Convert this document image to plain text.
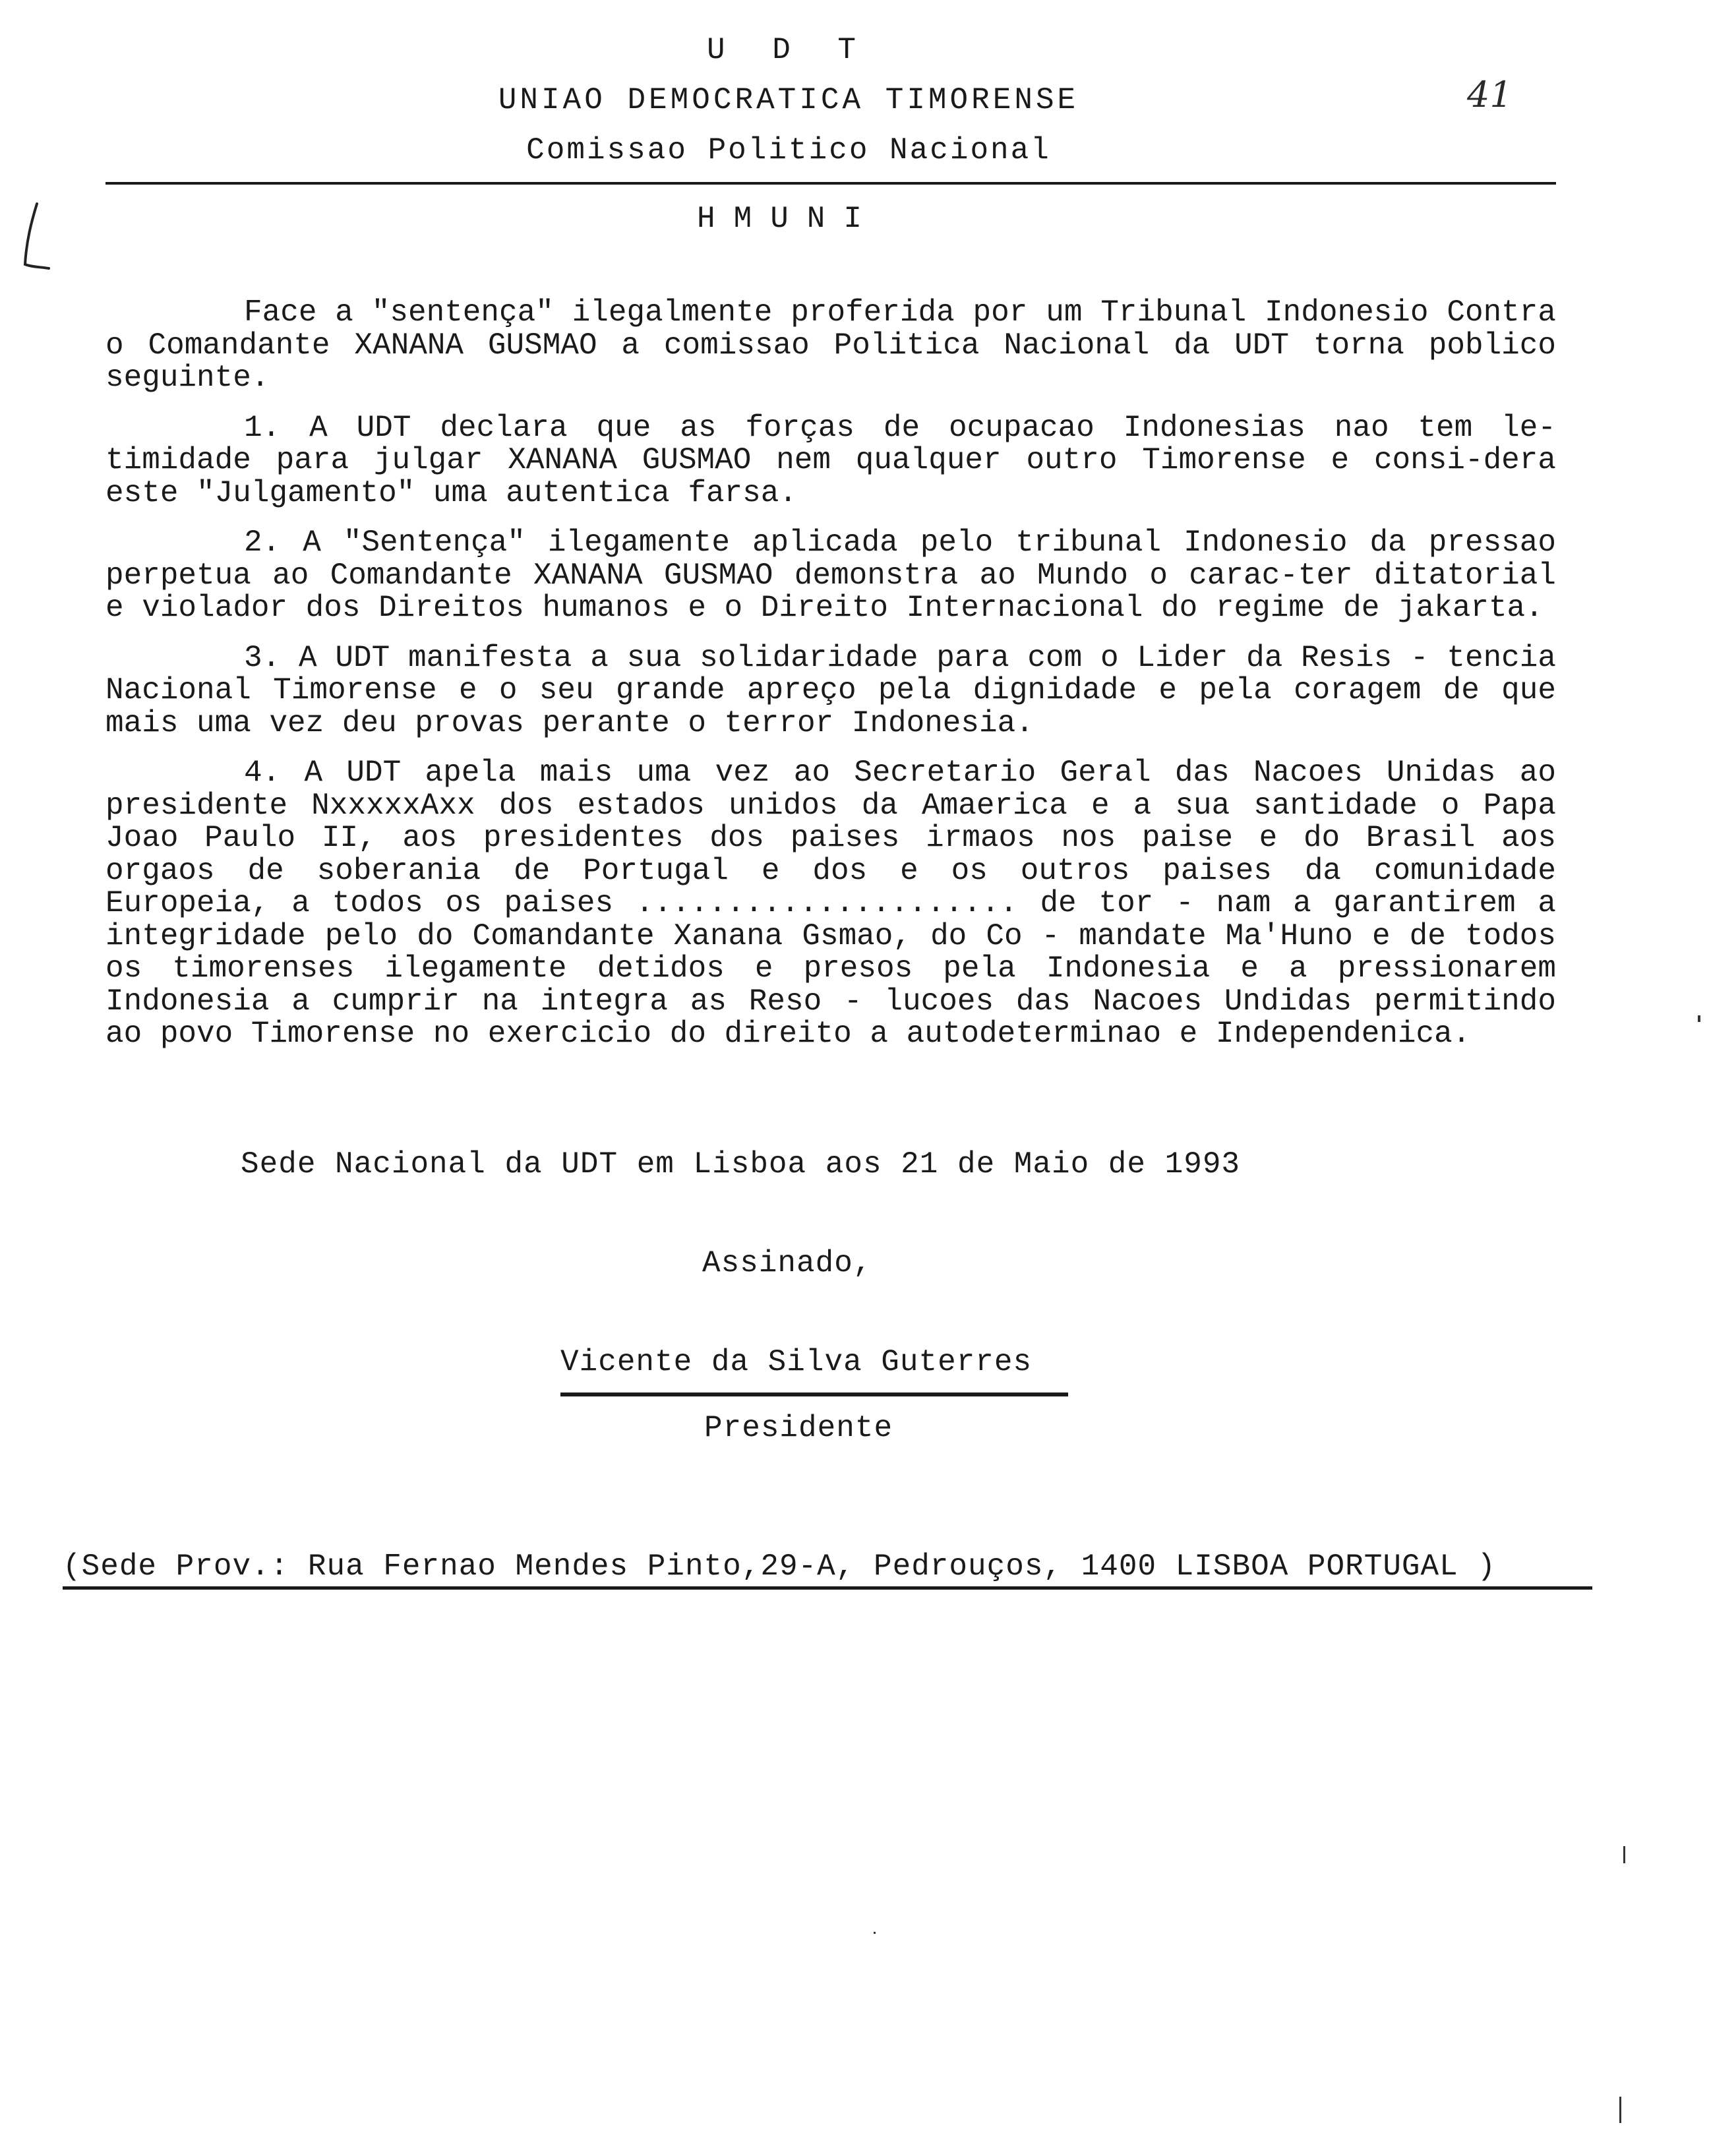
U D T
UNIAO DEMOCRATICA TIMORENSE
Comissao Politico Nacional
41
HMUNI

Face a "sentença" ilegalmente proferida por um Tribunal Indonesio Contra o Comandante XANANA GUSMAO a comissao Politica Nacional da UDT torna poblico seguinte.

1. A UDT declara que as forças de ocupacao Indonesias nao tem le-timidade para julgar XANANA GUSMAO nem qualquer outro Timorense e consi-dera este "Julgamento" uma autentica farsa.

2. A "Sentença" ilegamente aplicada pelo tribunal Indonesio da pressao perpetua ao Comandante XANANA GUSMAO demonstra ao Mundo o carac-ter ditatorial e violador dos Direitos humanos e o Direito Internacional do regime de jakarta.

3. A UDT manifesta a sua solidaridade para com o Lider da Resis - tencia Nacional Timorense e o seu grande apreço pela dignidade e pela coragem de que mais uma vez deu provas perante o terror Indonesia.

4. A UDT apela mais uma vez ao Secretario Geral das Nacoes Unidas ao presidente NxxxxxAxx dos estados unidos da Amaerica e a sua santidade o Papa Joao Paulo II, aos presidentes dos paises irmaos nos paise e do Brasil aos orgaos de soberania de Portugal e dos e os outros paises da comunidade Europeia, a todos os paises ..................... de tor - nam a garantirem a integridade pelo do Comandante Xanana Gsmao, do Co - mandate Ma'Huno e de todos os timorenses ilegamente detidos e presos pela Indonesia e a pressionarem Indonesia a cumprir na integra as Reso - lucoes das Nacoes Undidas permitindo ao povo Timorense no exercicio do direito a autodeterminao e Independenica.

Sede Nacional da UDT em Lisboa aos 21 de Maio de 1993
Assinado,
Vicente da Silva Guterres
Presidente
(Sede Prov.: Rua Fernao Mendes Pinto,29-A, Pedrouços, 1400 LISBOA PORTUGAL )
